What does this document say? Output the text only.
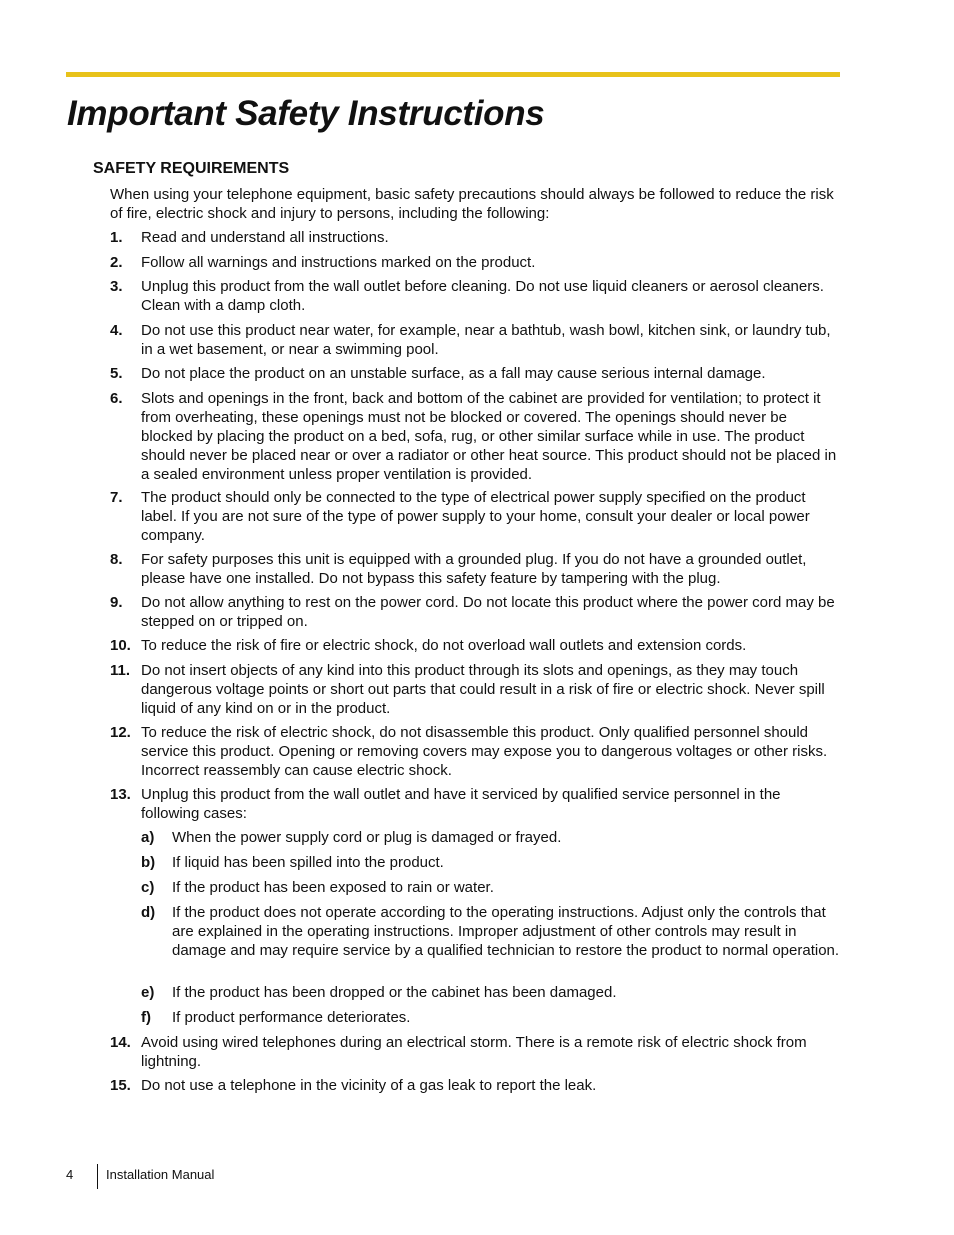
Important Safety Instructions
SAFETY REQUIREMENTS

When using your telephone equipment, basic safety precautions should always be followed to reduce the risk of fire, electric shock and injury to persons, including the following:

1. Read and understand all instructions.
2. Follow all warnings and instructions marked on the product.
3. Unplug this product from the wall outlet before cleaning. Do not use liquid cleaners or aerosol cleaners. Clean with a damp cloth.
4. Do not use this product near water, for example, near a bathtub, wash bowl, kitchen sink, or laundry tub, in a wet basement, or near a swimming pool.
5. Do not place the product on an unstable surface, as a fall may cause serious internal damage.
6. Slots and openings in the front, back and bottom of the cabinet are provided for ventilation; to protect it from overheating, these openings must not be blocked or covered. The openings should never be blocked by placing the product on a bed, sofa, rug, or other similar surface while in use. The product should never be placed near or over a radiator or other heat source. This product should not be placed in a sealed environment unless proper ventilation is provided.
7. The product should only be connected to the type of electrical power supply specified on the product label. If you are not sure of the type of power supply to your home, consult your dealer or local power company.
8. For safety purposes this unit is equipped with a grounded plug. If you do not have a grounded outlet, please have one installed. Do not bypass this safety feature by tampering with the plug.
9. Do not allow anything to rest on the power cord. Do not locate this product where the power cord may be stepped on or tripped on.
10. To reduce the risk of fire or electric shock, do not overload wall outlets and extension cords.
11. Do not insert objects of any kind into this product through its slots and openings, as they may touch dangerous voltage points or short out parts that could result in a risk of fire or electric shock. Never spill liquid of any kind on or in the product.
12. To reduce the risk of electric shock, do not disassemble this product. Only qualified personnel should service this product. Opening or removing covers may expose you to dangerous voltages or other risks. Incorrect reassembly can cause electric shock.
13. Unplug this product from the wall outlet and have it serviced by qualified service personnel in the following cases:
a) When the power supply cord or plug is damaged or frayed.
b) If liquid has been spilled into the product.
c) If the product has been exposed to rain or water.
d) If the product does not operate according to the operating instructions. Adjust only the controls that are explained in the operating instructions. Improper adjustment of other controls may result in damage and may require service by a qualified technician to restore the product to normal operation.
e) If the product has been dropped or the cabinet has been damaged.
f) If product performance deteriorates.
14. Avoid using wired telephones during an electrical storm. There is a remote risk of electric shock from lightning.
15. Do not use a telephone in the vicinity of a gas leak to report the leak.
4	Installation Manual
